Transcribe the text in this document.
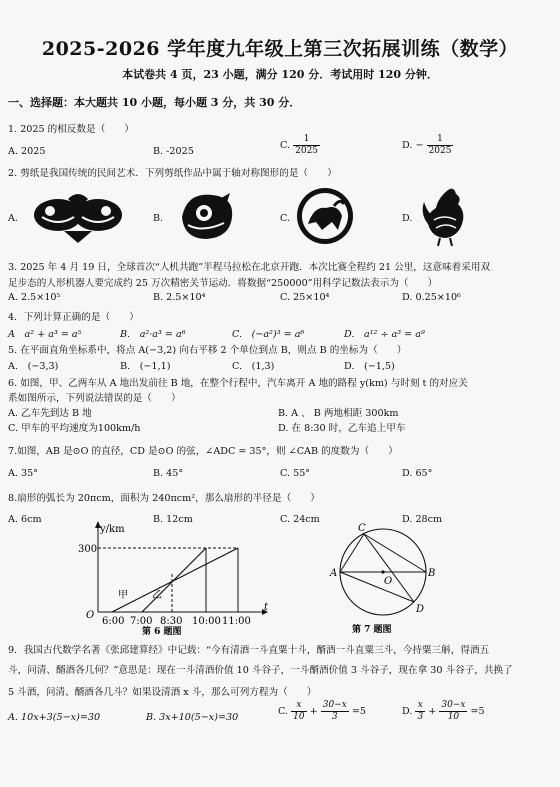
2025-2026 学年度九年级上第三次拓展训练（数学）
本试卷共 4 页，23 小题，满分 120 分．考试用时 120 分钟．
一、选择题：本大题共 10 小题，每小题 3 分，共 30 分．
1. 2025 的相反数是（　　）
A. 2025	B. -2025
C. $\frac{1}{2025}$	D. − $\frac{1}{2025}$
2. 剪纸是我国传统的民间艺术．下列剪纸作品中属于轴对称图形的是（　　）
A.	B.	C.	D.
3. 2025 年 4 月 19 日，全球首次“人机共跑”半程马拉松在北京开跑．本次比赛全程约 21 公里，这意味着采用双
足步态的人形机器人要完成约 25 万次精密关节运动．将数据“250000”用科学记数法表示为（　　）
A. 2.5×10⁵	B. 2.5×10⁴	C. 25×10⁴	D. 0.25×10⁶
4．下列计算正确的是（　　）
A　a² + a³ = a⁵	B.　a²·a³ = a⁶	C.　(−a²)³ = a⁶	D.　a¹² ÷ a³ = a⁹
5. 在平面直角坐标系中，将点 A(−3,2) 向右平移 2 个单位到点 B，则点 B 的坐标为（　　）
A.　(−3,3)	B.　(−1,1)	C.　(1,3)	D.　(−1,5)
6. 如图，甲、乙两车从 A 地出发前往 B 地，在整个行程中，汽车离开 A 地的路程 y(km) 与时刻 t 的对应关
系如图所示，下列说法错误的是（　　）
A. 乙车先到达 B 地	B. A 、 B 两地相距 300km
C. 甲车的平均速度为100km/h	D. 在 8:30 时，乙车追上甲车
7.如图，AB 是⊙O 的直径，CD 是⊙O 的弦，∠ADC = 35°，则 ∠CAB 的度数为（　　）
A. 35°	B. 45°	C. 55°	D. 65°
8.扇形的弧长为 20πcm，面积为 240πcm²，那么扇形的半径是（　　）
A. 6cm	B. 12cm	C. 24cm	D. 28cm
y/km
300
O
t
甲 乙
6:00 7:00 8:30 10:00 11:00
第 6 题图
A	B
C
D
O
第 7 题图
9．我国古代数学名著《张邱建算经》中记载：“今有清酒一斗直粟十斗，醑酒一斗直粟三斗，今持粟三斛，得酒五
斗，问清、醑酒各几何？”意思是：现在一斗清酒价值 10 斗谷子，一斗醑酒价值 3 斗谷子，现在拿 30 斗谷子，共换了
5 斗酒，问清、醑酒各几斗？如果设清酒 x 斗，那么可列方程为（　　）
A. 10x+3(5−x)=30	B. 3x+10(5−x)=30
C. $\frac{x}{10} + \frac{30-x}{3} =5$	D. $\frac{x}{3} + \frac{30-x}{10} =5$
